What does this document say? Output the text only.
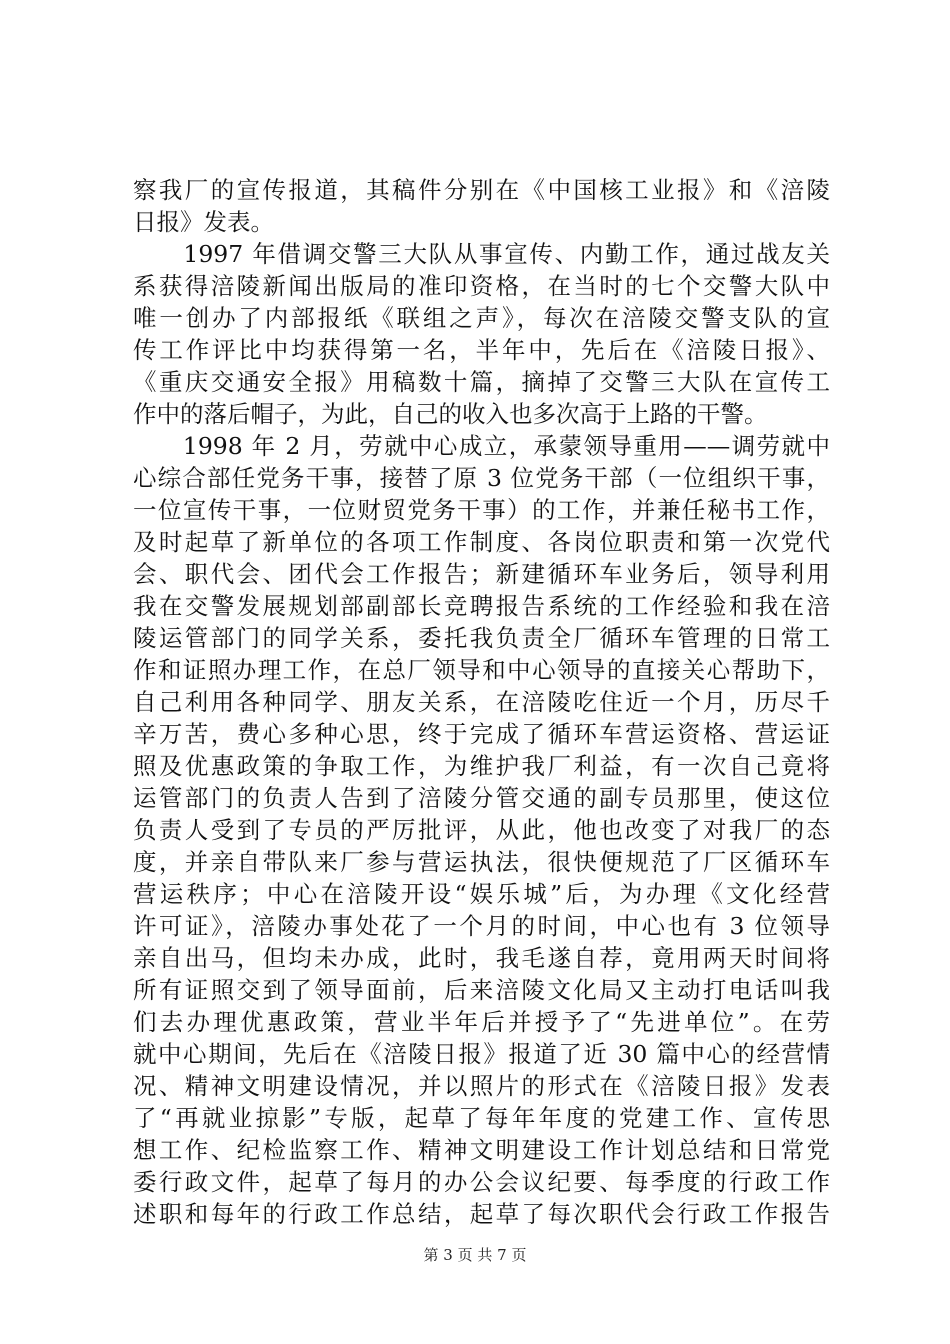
察我厂的宣传报道，其稿件分别在《中国核工业报》和《涪陵
日报》发表。
　　1997 年借调交警三大队从事宣传、内勤工作，通过战友关
系获得涪陵新闻出版局的准印资格，在当时的七个交警大队中
唯一创办了内部报纸《联组之声》，每次在涪陵交警支队的宣
传工作评比中均获得第一名，半年中，先后在《涪陵日报》、
《重庆交通安全报》用稿数十篇，摘掉了交警三大队在宣传工
作中的落后帽子，为此，自己的收入也多次高于上路的干警。
　　1998 年 2 月，劳就中心成立，承蒙领导重用——调劳就中
心综合部任党务干事，接替了原 3 位党务干部（一位组织干事，
一位宣传干事，一位财贸党务干事）的工作，并兼任秘书工作，
及时起草了新单位的各项工作制度、各岗位职责和第一次党代
会、职代会、团代会工作报告；新建循环车业务后，领导利用
我在交警发展规划部副部长竞聘报告系统的工作经验和我在涪
陵运管部门的同学关系，委托我负责全厂循环车管理的日常工
作和证照办理工作，在总厂领导和中心领导的直接关心帮助下，
自己利用各种同学、朋友关系，在涪陵吃住近一个月，历尽千
辛万苦，费心多种心思，终于完成了循环车营运资格、营运证
照及优惠政策的争取工作，为维护我厂利益，有一次自己竟将
运管部门的负责人告到了涪陵分管交通的副专员那里，使这位
负责人受到了专员的严厉批评，从此，他也改变了对我厂的态
度，并亲自带队来厂参与营运执法，很快便规范了厂区循环车
营运秩序；中心在涪陵开设“娱乐城”后，为办理《文化经营
许可证》，涪陵办事处花了一个月的时间，中心也有 3 位领导
亲自出马，但均未办成，此时，我毛遂自荐，竟用两天时间将
所有证照交到了领导面前，后来涪陵文化局又主动打电话叫我
们去办理优惠政策，营业半年后并授予了“先进单位”。在劳
就中心期间，先后在《涪陵日报》报道了近 30 篇中心的经营情
况、精神文明建设情况，并以照片的形式在《涪陵日报》发表
了“再就业掠影”专版，起草了每年年度的党建工作、宣传思
想工作、纪检监察工作、精神文明建设工作计划总结和日常党
委行政文件，起草了每月的办公会议纪要、每季度的行政工作
述职和每年的行政工作总结，起草了每次职代会行政工作报告
第 3 页 共 7 页
